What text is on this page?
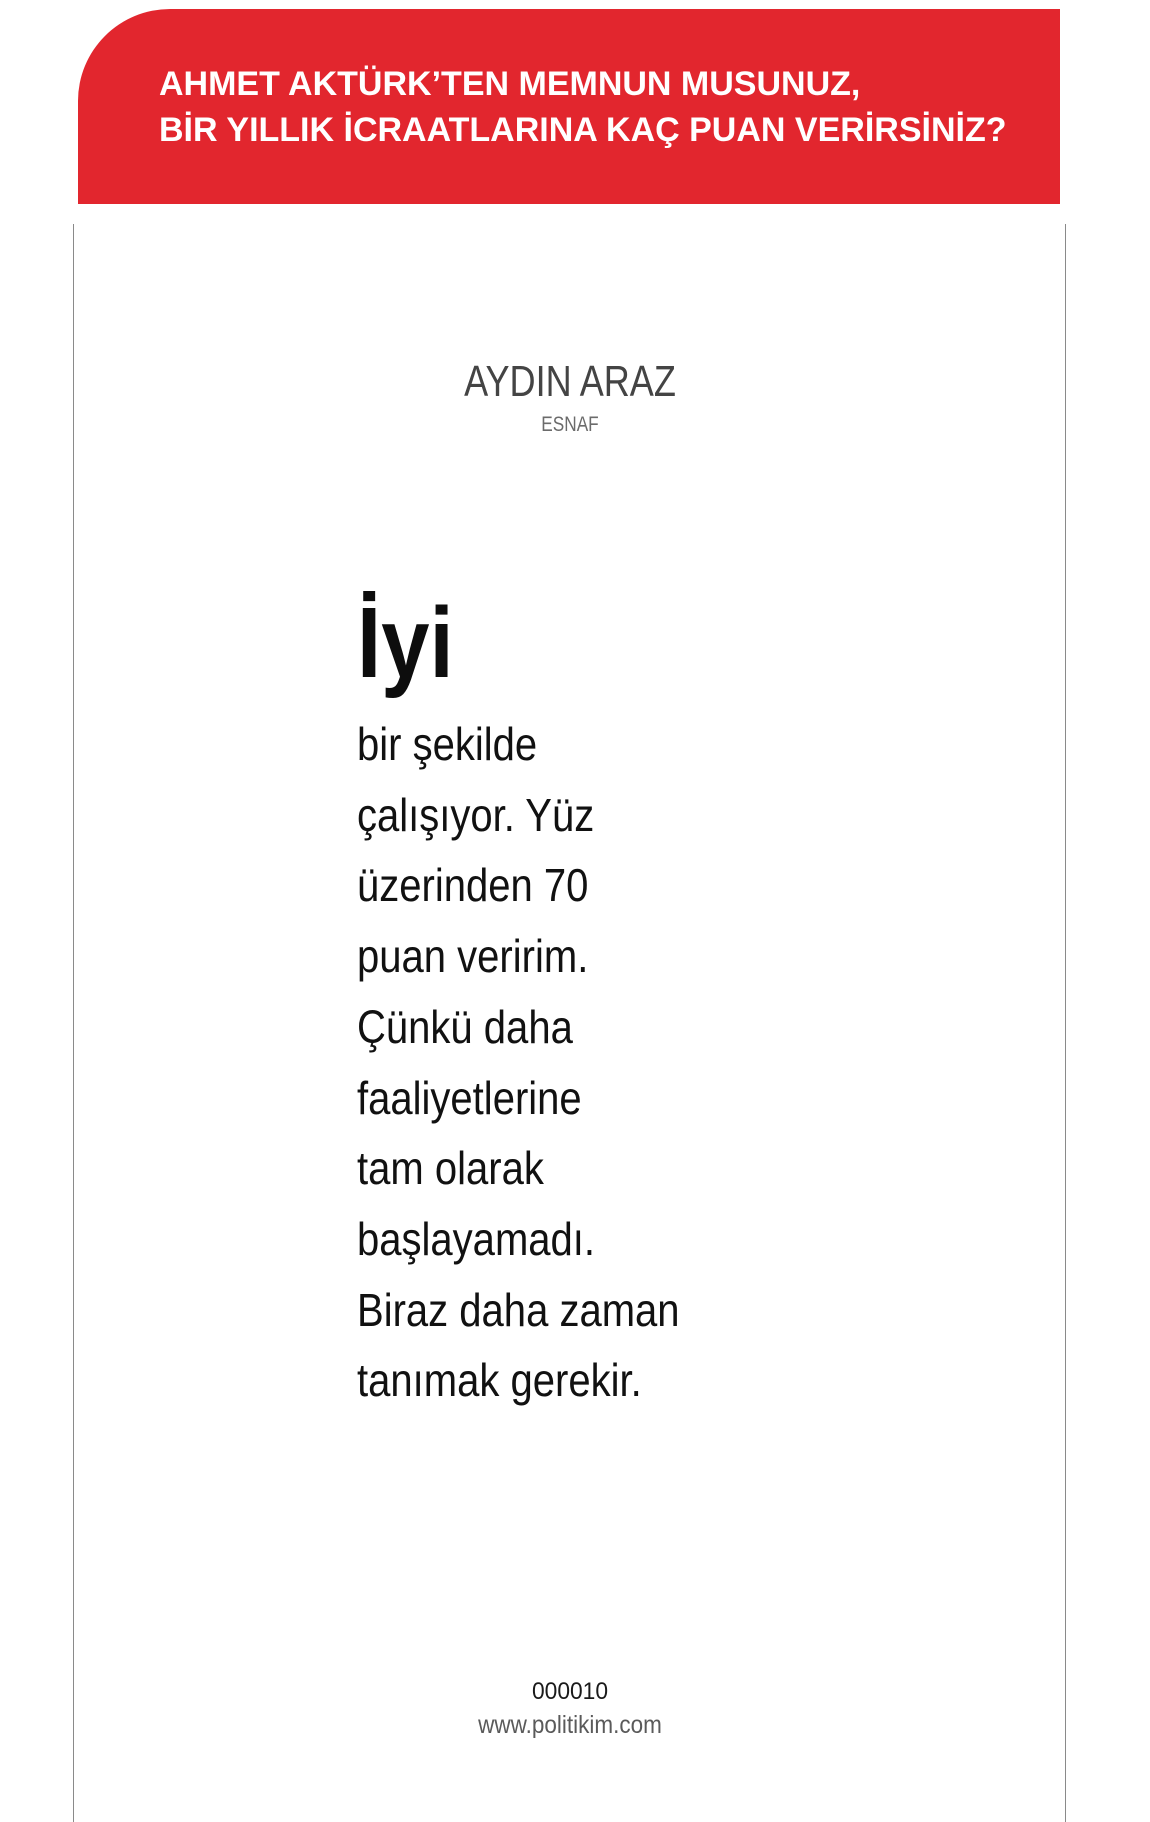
AHMET AKTÜRK’TEN MEMNUN MUSUNUZ,
BİR YILLIK İCRAATLARINA KAÇ PUAN VERİRSİNİZ?
AYDIN ARAZ
ESNAF
İyi
bir şekilde
çalışıyor. Yüz
üzerinden 70
puan veririm.
Çünkü daha
faaliyetlerine
tam olarak
başlayamadı.
Biraz daha zaman
tanımak gerekir.
000010
www.politikim.com
